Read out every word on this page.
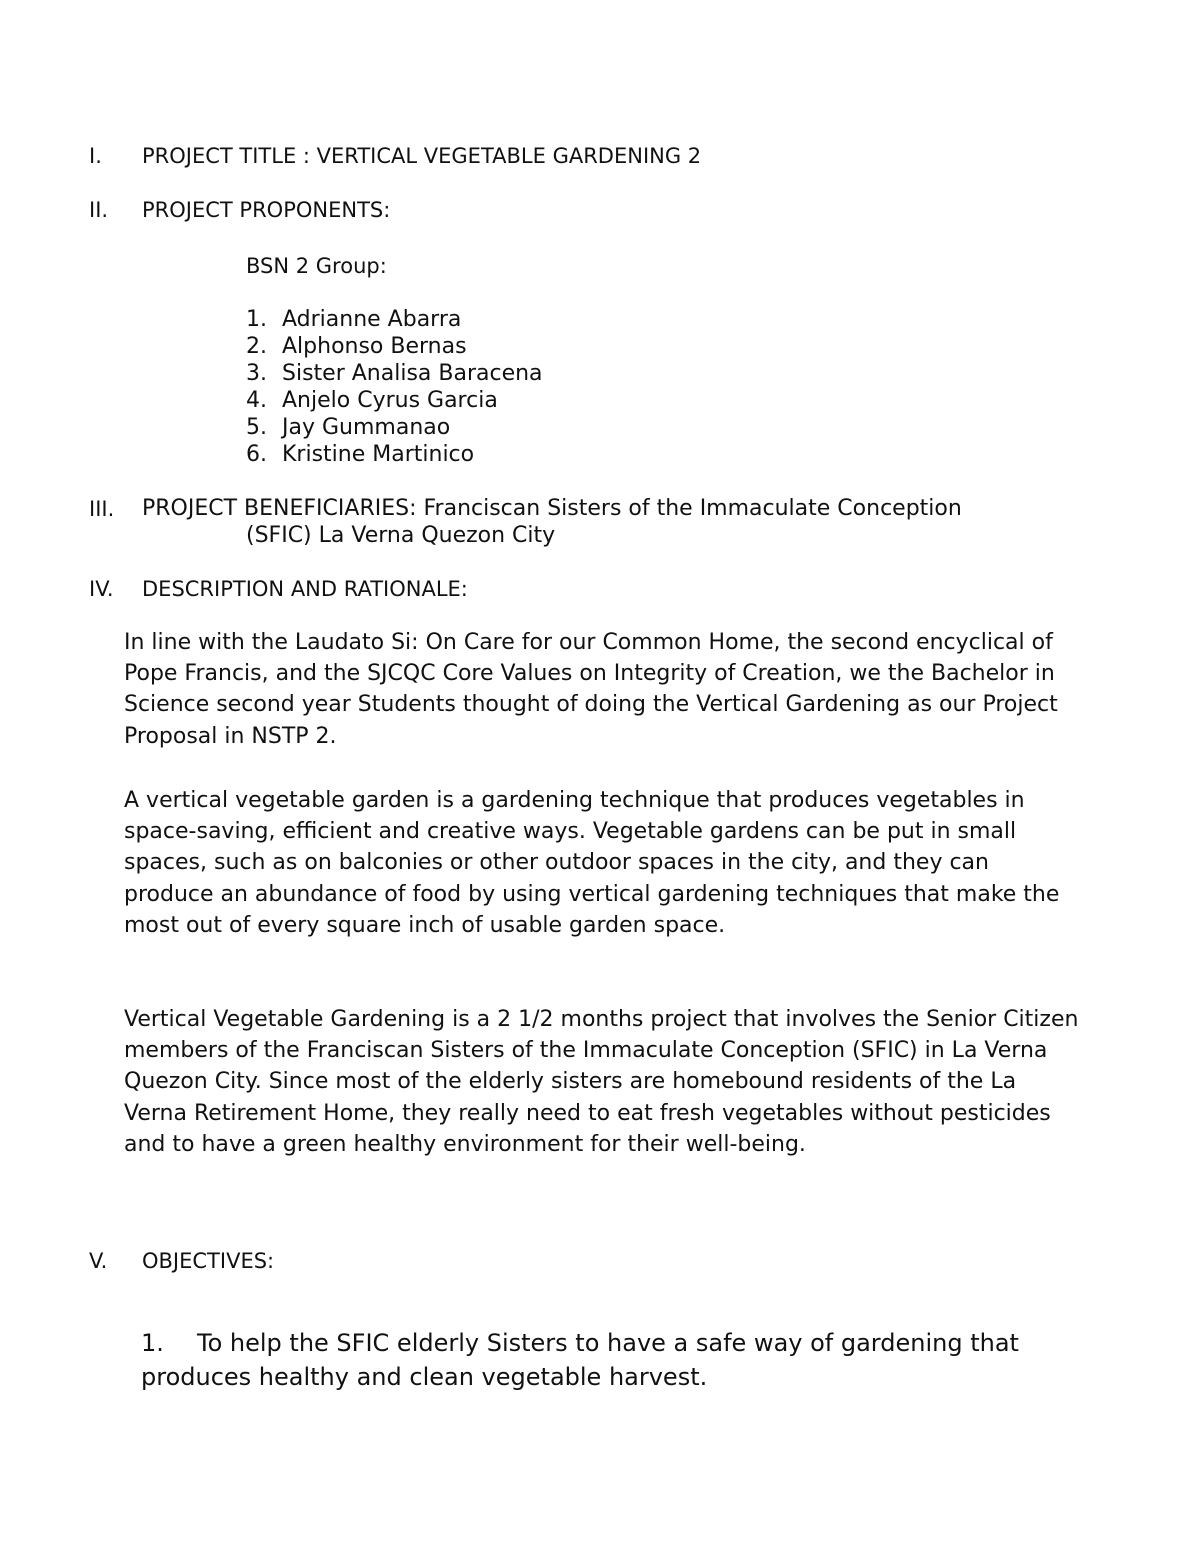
I. PROJECT TITLE : VERTICAL VEGETABLE GARDENING 2
II. PROJECT PROPONENTS:
BSN 2 Group:
1. Adrianne Abarra
2. Alphonso Bernas
3. Sister Analisa Baracena
4. Anjelo Cyrus Garcia
5. Jay Gummanao
6. Kristine Martinico
III. PROJECT BENEFICIARIES: Franciscan Sisters of the Immaculate Conception
(SFIC) La Verna Quezon City
IV. DESCRIPTION AND RATIONALE:

In line with the Laudato Si: On Care for our Common Home, the second encyclical of Pope Francis, and the SJCQC Core Values on Integrity of Creation, we the Bachelor in Science second year Students thought of doing the Vertical Gardening as our Project Proposal in NSTP 2.

A vertical vegetable garden is a gardening technique that produces vegetables in space-saving, efficient and creative ways. Vegetable gardens can be put in small spaces, such as on balconies or other outdoor spaces in the city, and they can produce an abundance of food by using vertical gardening techniques that make the most out of every square inch of usable garden space.

Vertical Vegetable Gardening is a 2 1/2 months project that involves the Senior Citizen members of the Franciscan Sisters of the Immaculate Conception (SFIC) in La Verna Quezon City. Since most of the elderly sisters are homebound residents of the La Verna Retirement Home, they really need to eat fresh vegetables without pesticides and to have a green healthy environment for their well-being.

V. OBJECTIVES:
1. To help the SFIC elderly Sisters to have a safe way of gardening that produces healthy and clean vegetable harvest.
